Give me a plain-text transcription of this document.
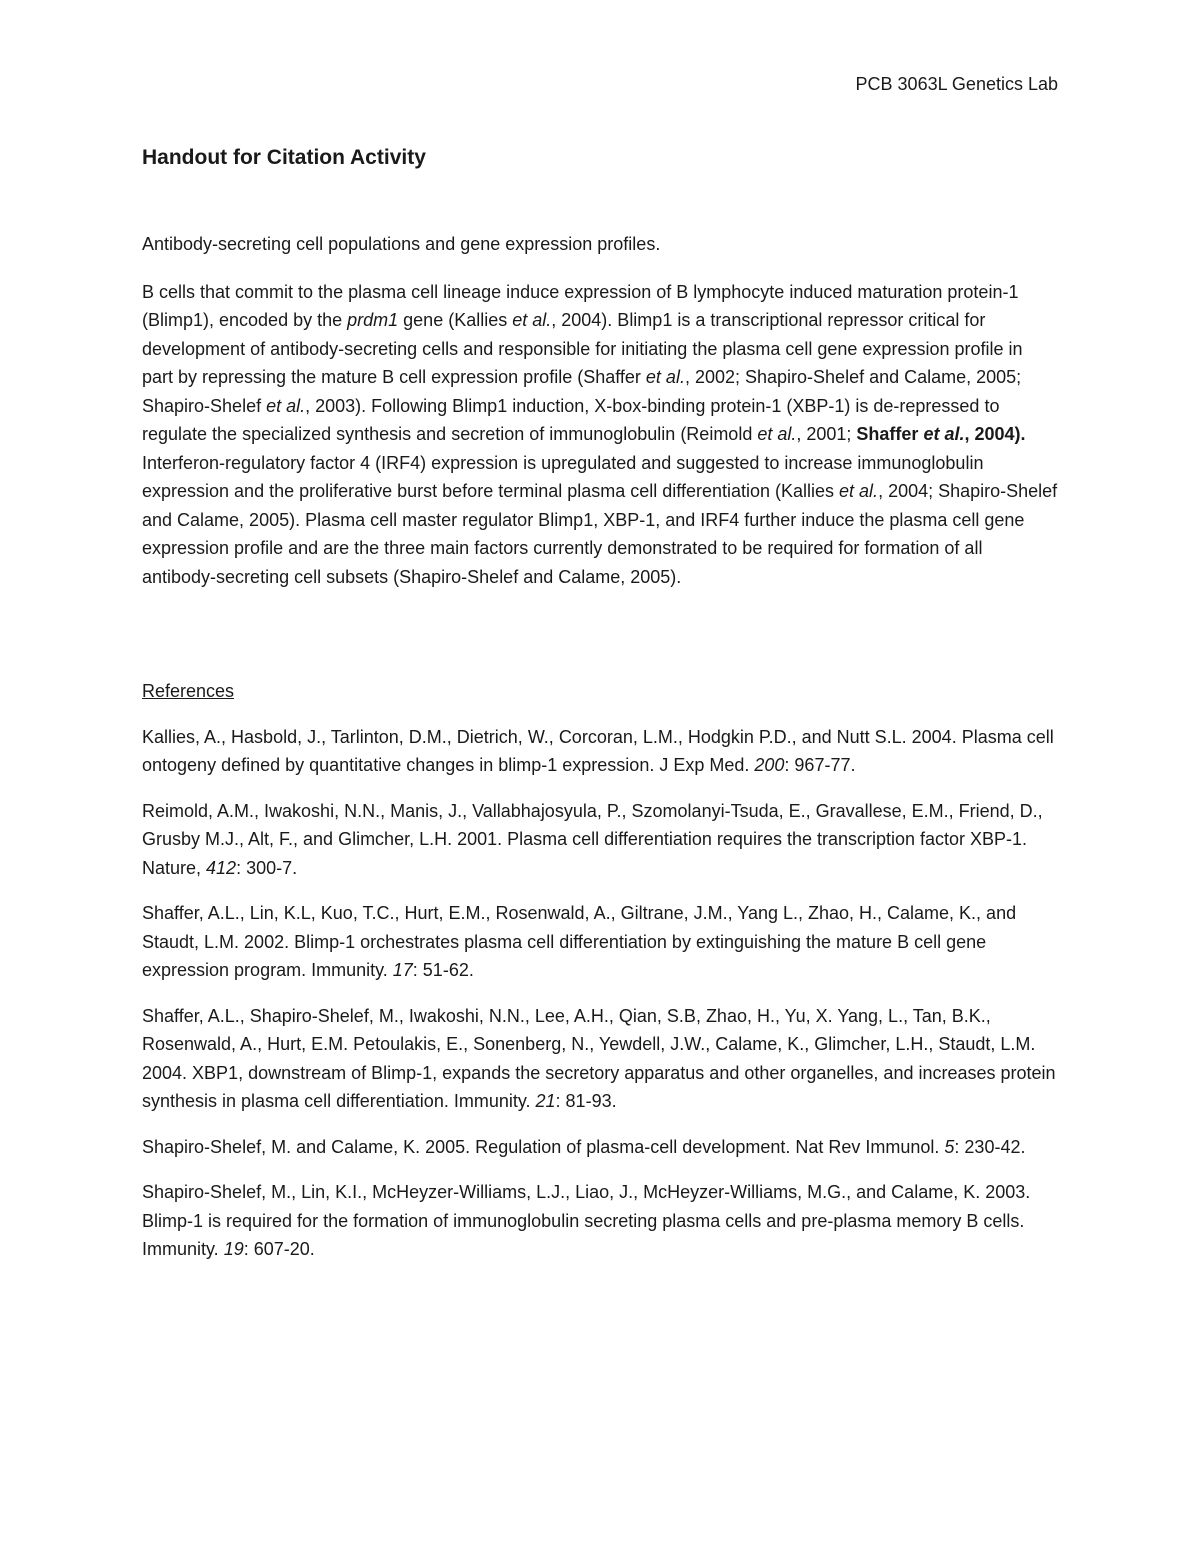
PCB 3063L Genetics Lab
Handout for Citation Activity

Antibody-secreting cell populations and gene expression profiles.

B cells that commit to the plasma cell lineage induce expression of B lymphocyte induced maturation protein-1 (Blimp1), encoded by the prdm1 gene (Kallies et al., 2004). Blimp1 is a transcriptional repressor critical for development of antibody-secreting cells and responsible for initiating the plasma cell gene expression profile in part by repressing the mature B cell expression profile (Shaffer et al., 2002; Shapiro-Shelef and Calame, 2005; Shapiro-Shelef et al., 2003). Following Blimp1 induction, X-box-binding protein-1 (XBP-1) is de-repressed to regulate the specialized synthesis and secretion of immunoglobulin (Reimold et al., 2001; Shaffer et al., 2004). Interferon-regulatory factor 4 (IRF4) expression is upregulated and suggested to increase immunoglobulin expression and the proliferative burst before terminal plasma cell differentiation (Kallies et al., 2004; Shapiro-Shelef and Calame, 2005). Plasma cell master regulator Blimp1, XBP-1, and IRF4 further induce the plasma cell gene expression profile and are the three main factors currently demonstrated to be required for formation of all antibody-secreting cell subsets (Shapiro-Shelef and Calame, 2005).

References

Kallies, A., Hasbold, J., Tarlinton, D.M., Dietrich, W., Corcoran, L.M., Hodgkin P.D., and Nutt S.L. 2004. Plasma cell ontogeny defined by quantitative changes in blimp-1 expression. J Exp Med. 200: 967-77.

Reimold, A.M., Iwakoshi, N.N., Manis, J., Vallabhajosyula, P., Szomolanyi-Tsuda, E., Gravallese, E.M., Friend, D., Grusby M.J., Alt, F., and Glimcher, L.H. 2001. Plasma cell differentiation requires the transcription factor XBP-1. Nature, 412: 300-7.

Shaffer, A.L., Lin, K.L, Kuo, T.C., Hurt, E.M., Rosenwald, A., Giltrane, J.M., Yang L., Zhao, H., Calame, K., and Staudt, L.M. 2002. Blimp-1 orchestrates plasma cell differentiation by extinguishing the mature B cell gene expression program. Immunity. 17: 51-62.

Shaffer, A.L., Shapiro-Shelef, M., Iwakoshi, N.N., Lee, A.H., Qian, S.B, Zhao, H., Yu, X. Yang, L., Tan, B.K., Rosenwald, A., Hurt, E.M. Petoulakis, E., Sonenberg, N., Yewdell, J.W., Calame, K., Glimcher, L.H., Staudt, L.M. 2004. XBP1, downstream of Blimp-1, expands the secretory apparatus and other organelles, and increases protein synthesis in plasma cell differentiation. Immunity. 21: 81-93.

Shapiro-Shelef, M. and Calame, K. 2005. Regulation of plasma-cell development. Nat Rev Immunol. 5: 230-42.

Shapiro-Shelef, M., Lin, K.I., McHeyzer-Williams, L.J., Liao, J., McHeyzer-Williams, M.G., and Calame, K. 2003. Blimp-1 is required for the formation of immunoglobulin secreting plasma cells and pre-plasma memory B cells. Immunity. 19: 607-20.
